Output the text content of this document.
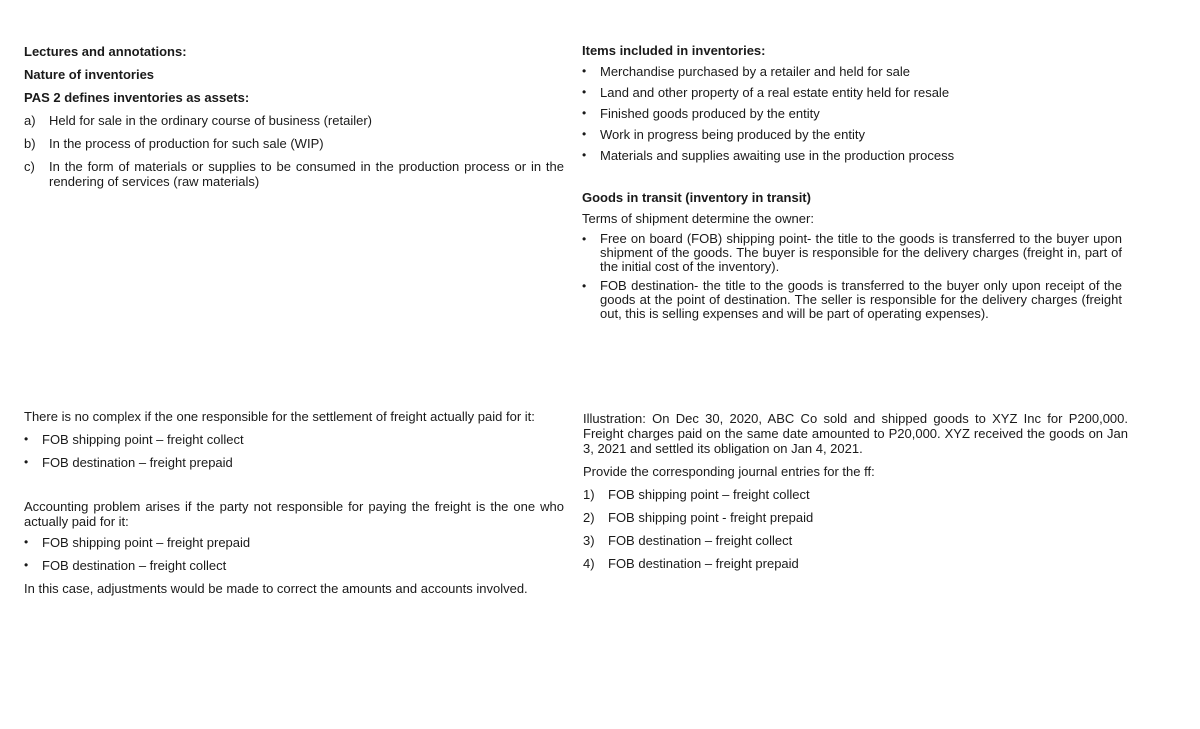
Lectures and annotations:

Nature of inventories

PAS 2 defines inventories as assets:

a)	Held for sale in the ordinary course of business (retailer)
b)	In the process of production for such sale (WIP)
c)	In the form of materials or supplies to be consumed in the production process or in the rendering of services (raw materials)

Items included in inventories:

•	Merchandise purchased by a retailer and held for sale
•	Land and other property of a real estate entity held for resale
•	Finished goods produced by the entity
•	Work in progress being produced by the entity
•	Materials and supplies awaiting use in the production process

Goods in transit (inventory in transit)

Terms of shipment determine the owner:

•	Free on board (FOB) shipping point- the title to the goods is transferred to the buyer upon shipment of the goods. The buyer is responsible for the delivery charges (freight in, part of the initial cost of the inventory).
•	FOB destination- the title to the goods is transferred to the buyer only upon receipt of the goods at the point of destination. The seller is responsible for the delivery charges (freight out, this is selling expenses and will be part of operating expenses).

There is no complex if the one responsible for the settlement of freight actually paid for it:

•	FOB shipping point – freight collect
•	FOB destination – freight prepaid

Accounting problem arises if the party not responsible for paying the freight is the one who actually paid for it:

•	FOB shipping point – freight prepaid
•	FOB destination – freight collect

In this case, adjustments would be made to correct the amounts and accounts involved.

Illustration: On Dec 30, 2020, ABC Co sold and shipped goods to XYZ Inc for P200,000. Freight charges paid on the same date amounted to P20,000. XYZ received the goods on Jan 3, 2021 and settled its obligation on Jan 4, 2021.

Provide the corresponding journal entries for the ff:

1)	FOB shipping point – freight collect
2)	FOB shipping point - freight prepaid
3)	FOB destination – freight collect
4)	FOB destination – freight prepaid
